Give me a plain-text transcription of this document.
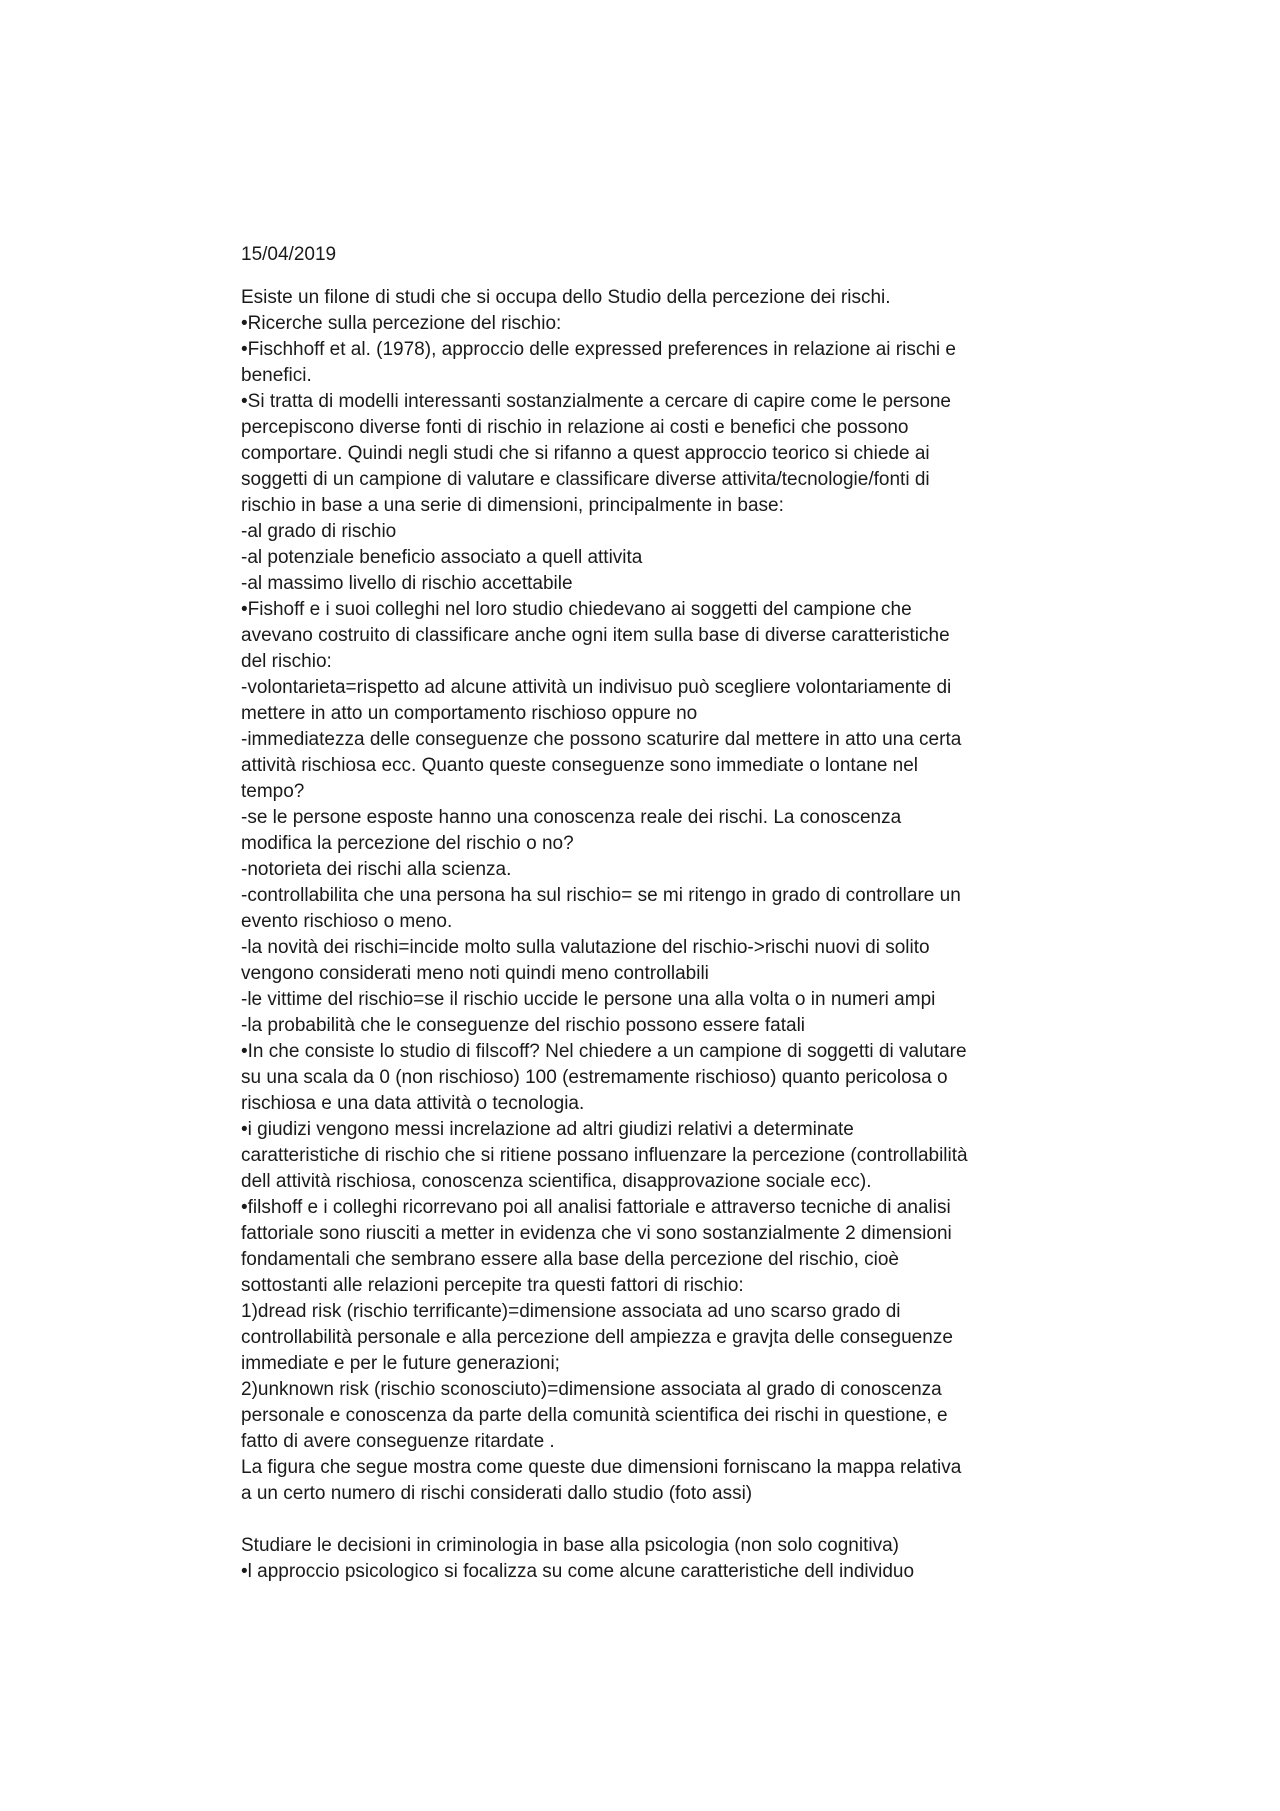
15/04/2019

Esiste un filone di studi che si occupa dello Studio della percezione dei rischi.
•Ricerche sulla percezione del rischio:
•Fischhoff et al. (1978), approccio delle expressed preferences in relazione ai rischi e
benefici.
•Si tratta di modelli interessanti sostanzialmente a cercare di capire come le persone
percepiscono diverse fonti di rischio in relazione ai costi e benefici che possono
comportare. Quindi negli studi che si rifanno a quest approccio teorico si chiede ai
soggetti di un campione di valutare e classificare diverse attivita/tecnologie/fonti di
rischio in base a una serie di dimensioni, principalmente in base:
-al grado di rischio
-al potenziale beneficio associato a quell attivita
-al massimo livello di rischio accettabile
•Fishoff e i suoi colleghi nel loro studio chiedevano ai soggetti del campione che
avevano costruito di classificare anche ogni item sulla base di diverse caratteristiche
del rischio:
-volontarieta=rispetto ad alcune attività un indivisuo può scegliere volontariamente di
mettere in atto un comportamento rischioso oppure no
-immediatezza delle conseguenze che possono scaturire dal mettere in atto una certa
attività rischiosa ecc. Quanto queste conseguenze sono immediate o lontane nel
tempo?
-se le persone esposte hanno una conoscenza reale dei rischi. La conoscenza
modifica la percezione del rischio o no?
-notorieta dei rischi alla scienza.
-controllabilita che una persona ha sul rischio= se mi ritengo in grado di controllare un
evento rischioso o meno.
-la novità dei rischi=incide molto sulla valutazione del rischio->rischi nuovi di solito
vengono considerati meno noti quindi meno controllabili
-le vittime del rischio=se il rischio uccide le persone una alla volta o in numeri ampi
-la probabilità che le conseguenze del rischio possono essere fatali
•In che consiste lo studio di filscoff? Nel chiedere a un campione di soggetti di valutare
su una scala da 0 (non rischioso) 100 (estremamente rischioso) quanto pericolosa o
rischiosa e una data attività o tecnologia.
•i giudizi vengono messi increlazione ad altri giudizi relativi a determinate
caratteristiche di rischio che si ritiene possano influenzare la percezione (controllabilità
dell attività rischiosa, conoscenza scientifica, disapprovazione sociale ecc).
•filshoff e i colleghi ricorrevano poi all analisi fattoriale e attraverso tecniche di analisi
fattoriale sono riusciti a metter in evidenza che vi sono sostanzialmente 2 dimensioni
fondamentali che sembrano essere alla base della percezione del rischio, cioè
sottostanti alle relazioni percepite tra questi fattori di rischio:
1)dread risk (rischio terrificante)=dimensione associata ad uno scarso grado di
controllabilità personale e alla percezione dell ampiezza e gravjta delle conseguenze
immediate e per le future generazioni;
2)unknown risk (rischio sconosciuto)=dimensione associata al grado di conoscenza
personale e conoscenza da parte della comunità scientifica dei rischi in questione, e
fatto di avere conseguenze ritardate .
La figura che segue mostra come queste due dimensioni forniscano la mappa relativa
a un certo numero di rischi considerati dallo studio (foto assi)
Studiare le decisioni in criminologia in base alla psicologia (non solo cognitiva)
•l approccio psicologico si focalizza su come alcune caratteristiche dell individuo
